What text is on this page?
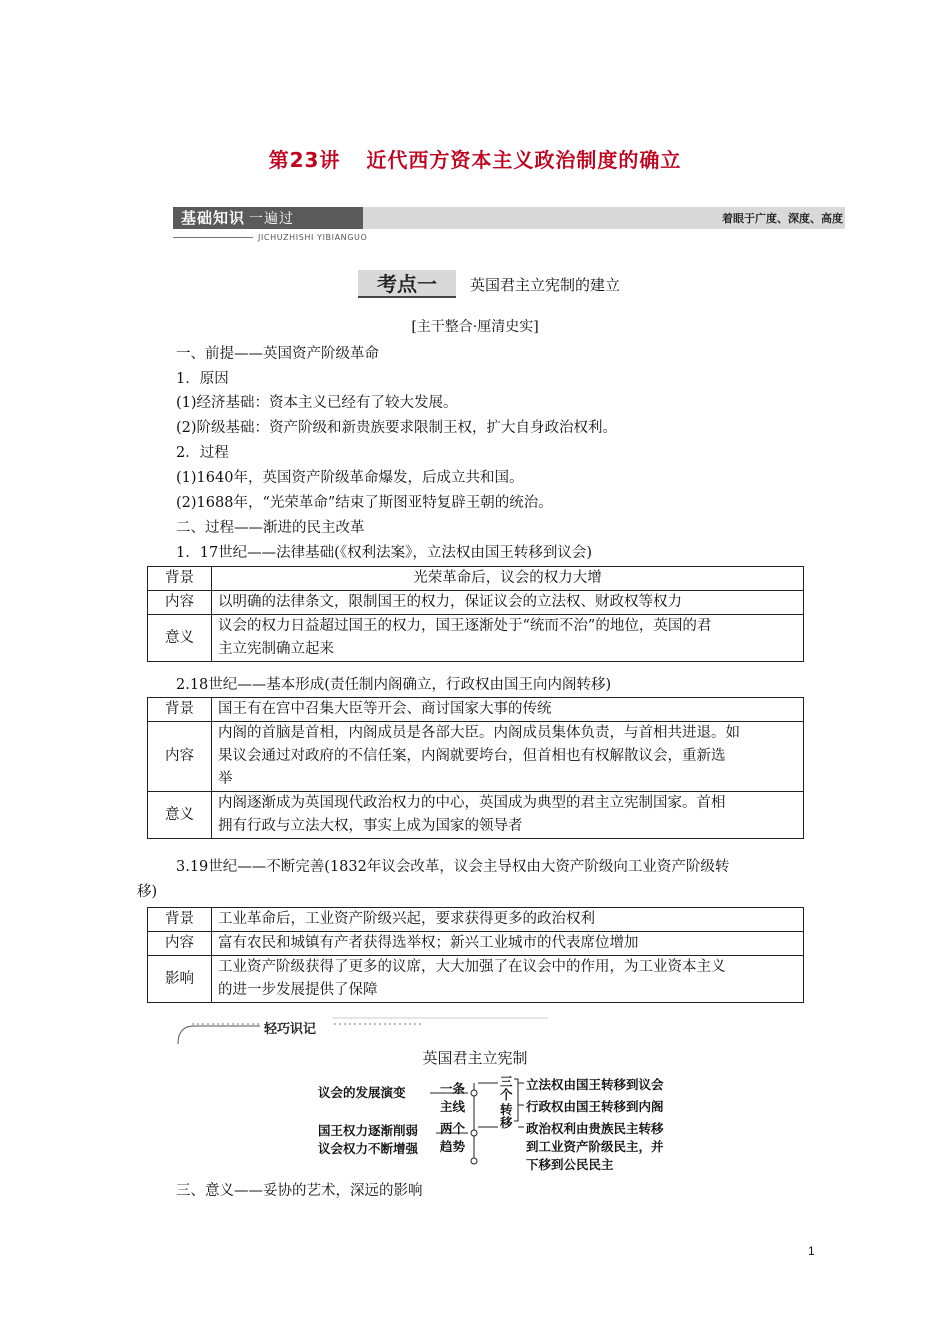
第23讲 近代西方资本主义政治制度的确立
基础知识 一遍过	着眼于广度、深度、高度
JICHUZHISHI YIBIANGUO
考点一 英国君主立宪制的建立
[主干整合·厘清史实]
一、前提——英国资产阶级革命
1．原因
(1)经济基础：资本主义已经有了较大发展。
(2)阶级基础：资产阶级和新贵族要求限制王权，扩大自身政治权利。
2．过程
(1)1640年，英国资产阶级革命爆发，后成立共和国。
(2)1688年，“光荣革命”结束了斯图亚特复辟王朝的统治。
二、过程——渐进的民主改革
1．17世纪——法律基础(《权利法案》，立法权由国王转移到议会)
背景	光荣革命后，议会的权力大增
内容	以明确的法律条文，限制国王的权力，保证议会的立法权、财政权等权力
意义	议会的权力日益超过国王的权力，国王逐渐处于“统而不治”的地位，英国的君
主立宪制确立起来
2.18世纪——基本形成(责任制内阁确立，行政权由国王向内阁转移)
背景	国王有在宫中召集大臣等开会、商讨国家大事的传统
内容	内阁的首脑是首相，内阁成员是各部大臣。内阁成员集体负责，与首相共进退。如
果议会通过对政府的不信任案，内阁就要垮台，但首相也有权解散议会，重新选
举

意义	内阁逐渐成为英国现代政治权力的中心，英国成为典型的君主立宪制国家。首相
拥有行政与立法大权，事实上成为国家的领导者
3.19世纪——不断完善(1832年议会改革，议会主导权由大资产阶级向工业资产阶级转
移)
背景	工业革命后，工业资产阶级兴起，要求获得更多的政治权利
内容	富有农民和城镇有产者获得选举权；新兴工业城市的代表席位增加
影响	工业资产阶级获得了更多的议席，大大加强了在议会中的作用，为工业资本主义
的进一步发展提供了保障
轻巧识记
英国君主立宪制
议会的发展演变
国王权力逐渐削弱
议会权力不断增强
一条
主线
两个
趋势
三个
转移
立法权由国王转移到议会
行政权由国王转移到内阁
政治权利由贵族民主转移
到工业资产阶级民主，并
下移到公民民主
三、意义——妥协的艺术，深远的影响
1
